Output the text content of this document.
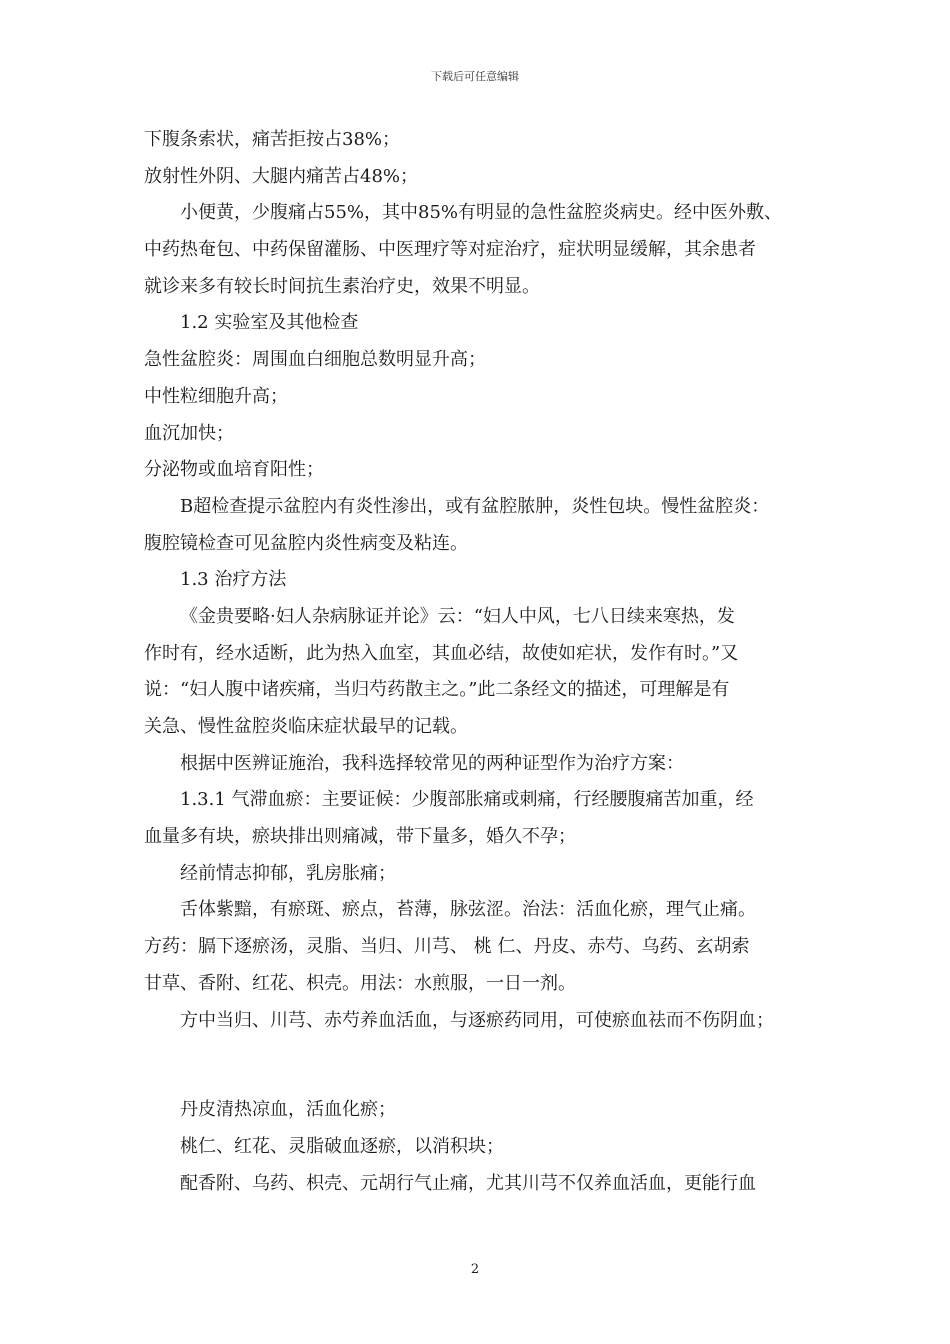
下载后可任意编辑
下腹条索状，痛苦拒按占38%；
放射性外阴、大腿内痛苦占48%；
小便黄，少腹痛占55%，其中85%有明显的急性盆腔炎病史。经中医外敷、
中药热奄包、中药保留灌肠、中医理疗等对症治疗，症状明显缓解，其余患者
就诊来多有较长时间抗生素治疗史，效果不明显。
1.2 实验室及其他检查
急性盆腔炎：周围血白细胞总数明显升高；
中性粒细胞升高；
血沉加快；
分泌物或血培育阳性；
B超检查提示盆腔内有炎性渗出，或有盆腔脓肿，炎性包块。慢性盆腔炎：
腹腔镜检查可见盆腔内炎性病变及粘连。
1.3 治疗方法
《金贵要略·妇人杂病脉证并论》云：“妇人中风，七八日续来寒热，发
作时有，经水适断，此为热入血室，其血必结，故使如疟状，发作有时。”又
说：“妇人腹中诸疾痛，当归芍药散主之。”此二条经文的描述，可理解是有
关急、慢性盆腔炎临床症状最早的记载。
根据中医辨证施治，我科选择较常见的两种证型作为治疗方案：
1.3.1 气滞血瘀：主要证候：少腹部胀痛或刺痛，行经腰腹痛苦加重，经
血量多有块，瘀块排出则痛减，带下量多，婚久不孕；
经前情志抑郁，乳房胀痛；
舌体紫黯，有瘀斑、瘀点，苔薄，脉弦涩。治法：活血化瘀，理气止痛。
方药：膈下逐瘀汤，灵脂、当归、川芎、 桃 仁、丹皮、赤芍、乌药、玄胡索
甘草、香附、红花、枳壳。用法：水煎服，一日一剂。
方中当归、川芎、赤芍养血活血，与逐瘀药同用，可使瘀血祛而不伤阴血；
丹皮清热凉血，活血化瘀；
桃仁、红花、灵脂破血逐瘀，以消积块；
配香附、乌药、枳壳、元胡行气止痛，尤其川芎不仅养血活血，更能行血
2
